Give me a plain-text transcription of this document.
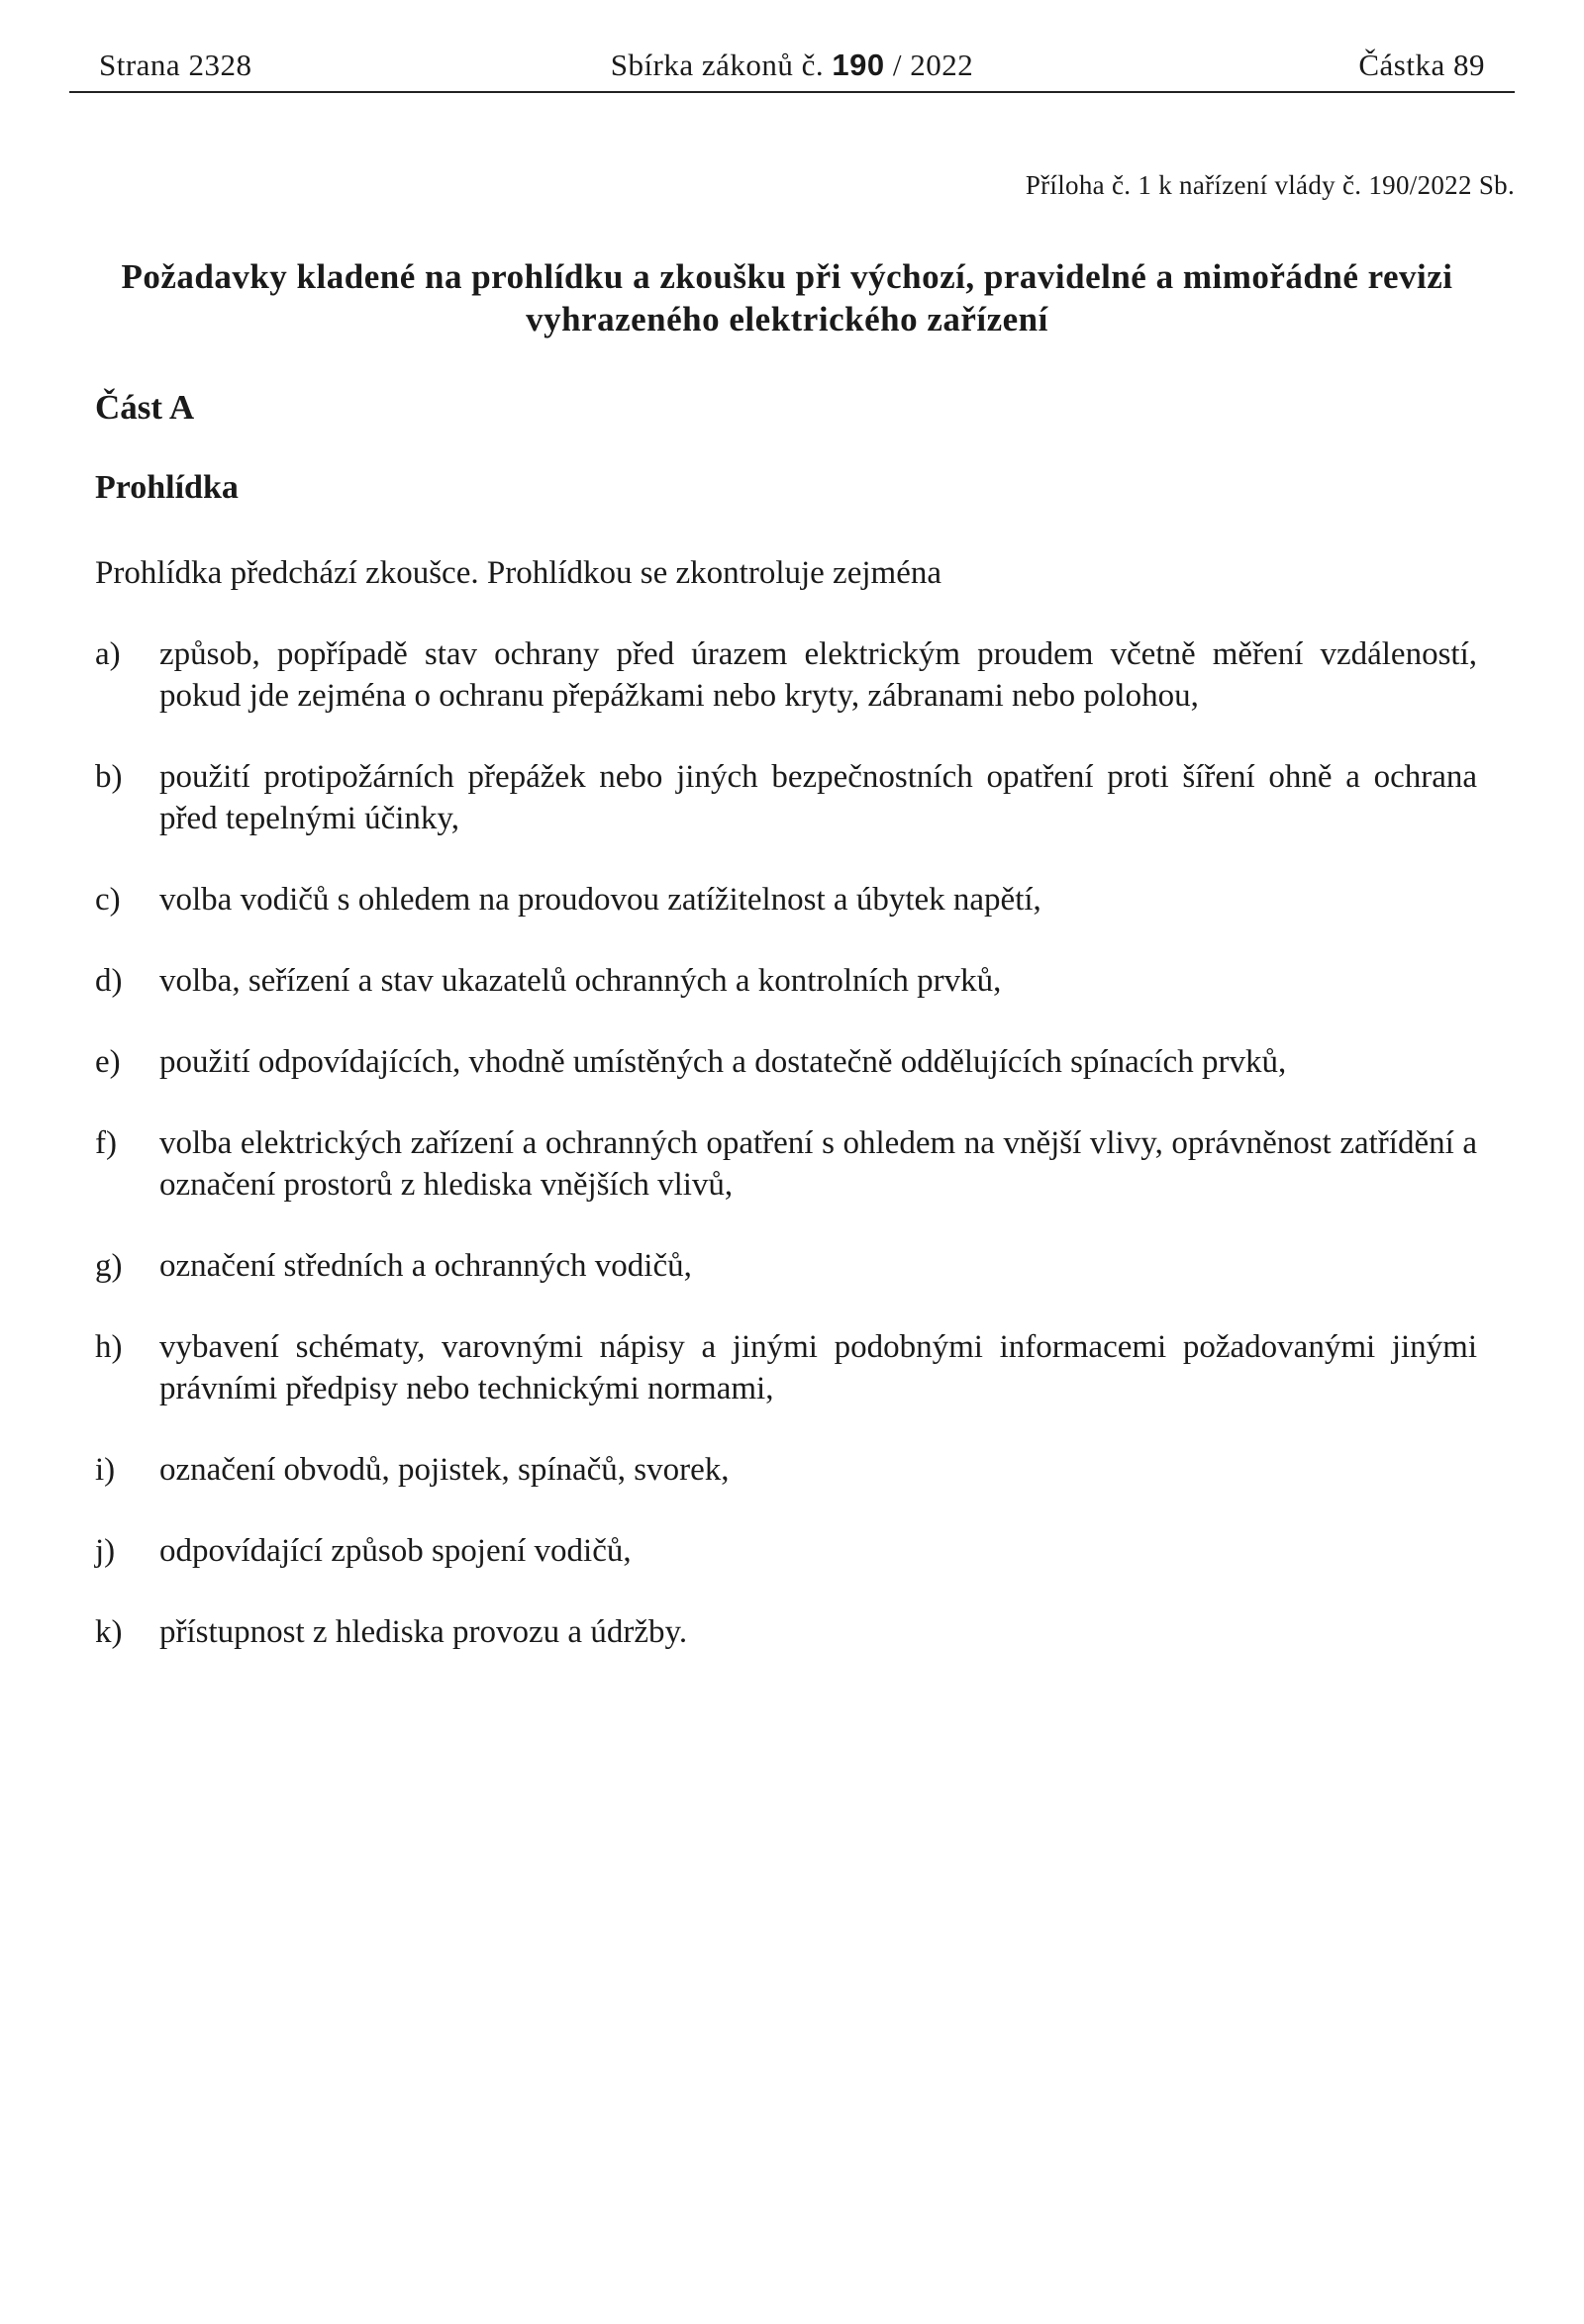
Strana 2328	Sbírka zákonů č. 190 / 2022	Částka 89
Příloha č. 1 k nařízení vlády č. 190/2022 Sb.
Požadavky kladené na prohlídku a zkoušku při výchozí, pravidelné a mimořádné revizi
vyhrazeného elektrického zařízení
Část A
Prohlídka
Prohlídka předchází zkoušce. Prohlídkou se zkontroluje zejména
a) způsob, popřípadě stav ochrany před úrazem elektrickým proudem včetně měření vzdáleností, pokud jde zejména o ochranu přepážkami nebo kryty, zábranami nebo polohou,
b) použití protipožárních přepážek nebo jiných bezpečnostních opatření proti šíření ohně a ochrana před tepelnými účinky,
c) volba vodičů s ohledem na proudovou zatížitelnost a úbytek napětí,
d) volba, seřízení a stav ukazatelů ochranných a kontrolních prvků,
e) použití odpovídajících, vhodně umístěných a dostatečně oddělujících spínacích prvků,
f) volba elektrických zařízení a ochranných opatření s ohledem na vnější vlivy, oprávněnost zatřídění a označení prostorů z hlediska vnějších vlivů,
g) označení středních a ochranných vodičů,
h) vybavení schématy, varovnými nápisy a jinými podobnými informacemi požadovanými jinými právními předpisy nebo technickými normami,
i) označení obvodů, pojistek, spínačů, svorek,
j) odpovídající způsob spojení vodičů,
k) přístupnost z hlediska provozu a údržby.
